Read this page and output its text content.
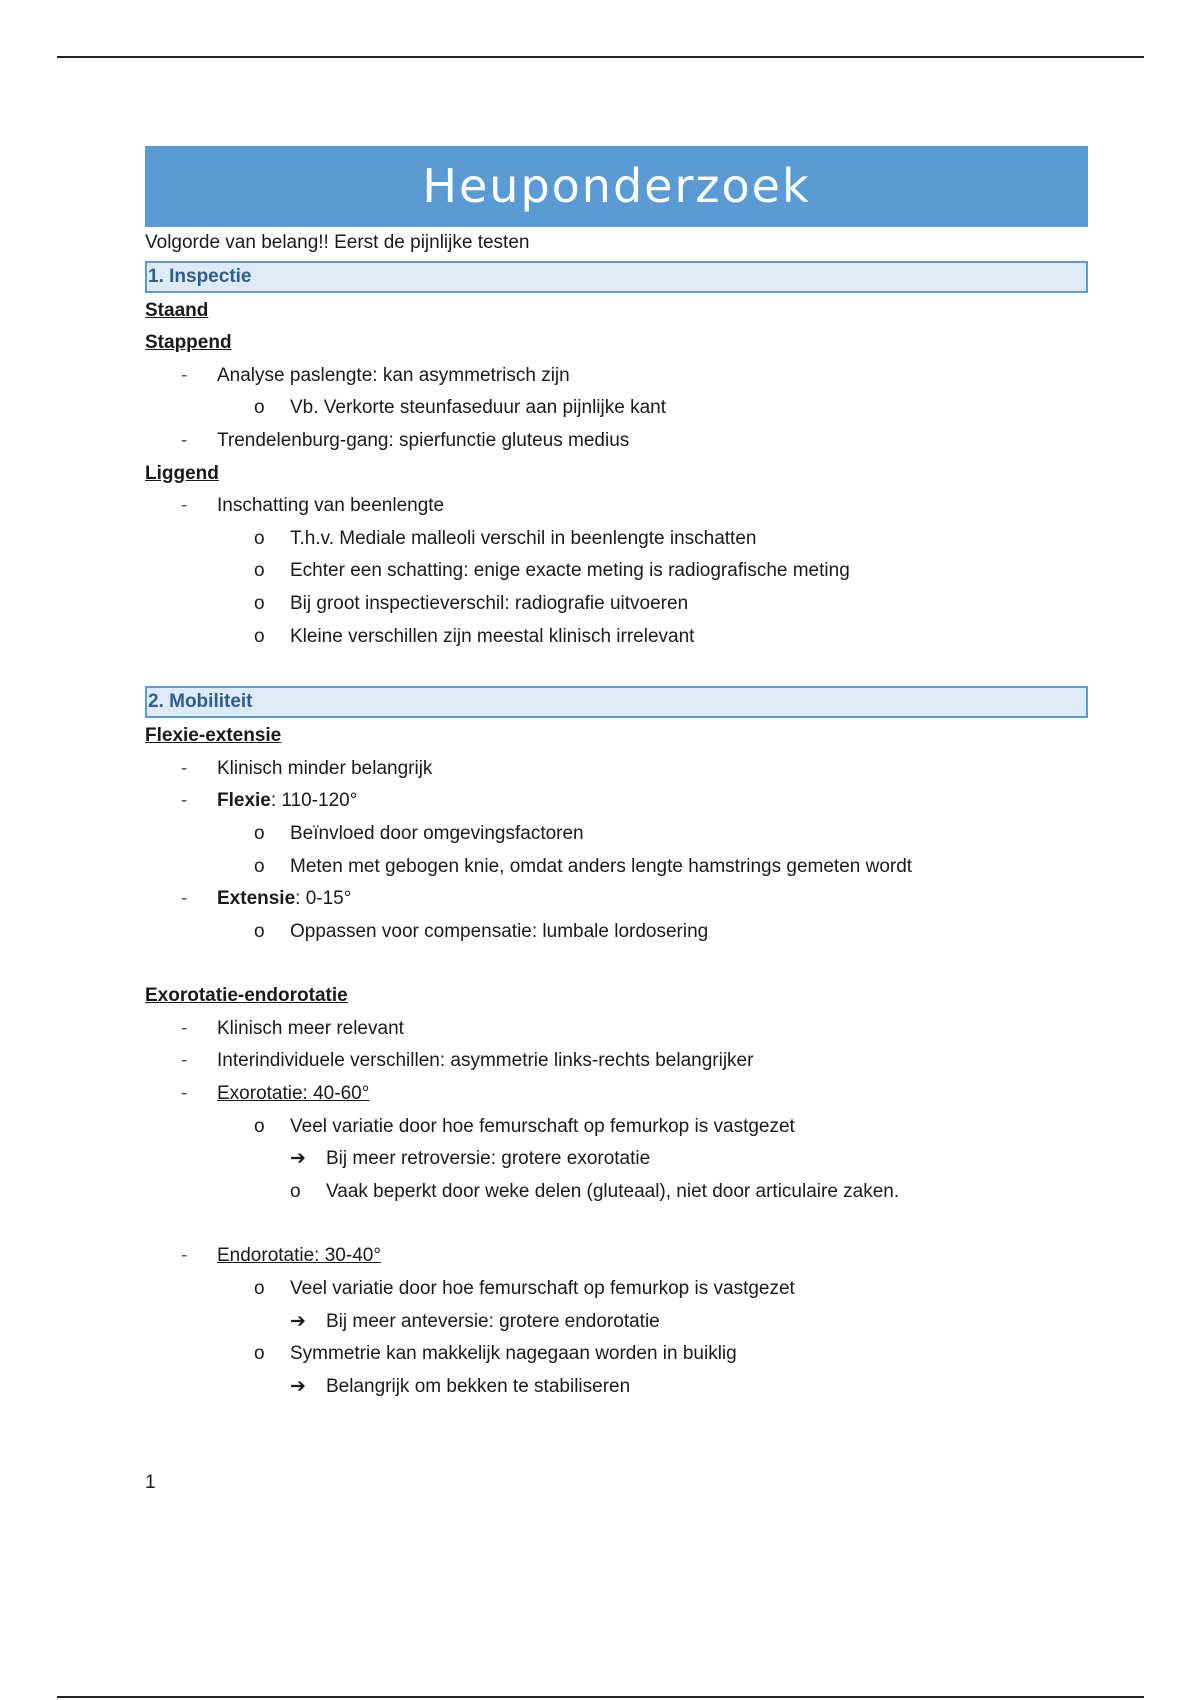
Heuponderzoek
Volgorde van belang!! Eerst de pijnlijke testen
1. Inspectie
Staand
Stappend
- Analyse paslengte: kan asymmetrisch zijn
o Vb. Verkorte steunfaseduur aan pijnlijke kant
- Trendelenburg-gang: spierfunctie gluteus medius
Liggend
- Inschatting van beenlengte
o T.h.v. Mediale malleoli verschil in beenlengte inschatten
o Echter een schatting: enige exacte meting is radiografische meting
o Bij groot inspectieverschil: radiografie uitvoeren
o Kleine verschillen zijn meestal klinisch irrelevant
2. Mobiliteit
Flexie-extensie
- Klinisch minder belangrijk
- Flexie: 110-120°
o Beïnvloed door omgevingsfactoren
o Meten met gebogen knie, omdat anders lengte hamstrings gemeten wordt
- Extensie: 0-15°
o Oppassen voor compensatie: lumbale lordosering
Exorotatie-endorotatie
- Klinisch meer relevant
- Interindividuele verschillen: asymmetrie links-rechts belangrijker
- Exorotatie: 40-60°
o Veel variatie door hoe femurschaft op femurkop is vastgezet
➔ Bij meer retroversie: grotere exorotatie
o Vaak beperkt door weke delen (gluteaal), niet door articulaire zaken.
- Endorotatie: 30-40°
o Veel variatie door hoe femurschaft op femurkop is vastgezet
➔ Bij meer anteversie: grotere endorotatie
o Symmetrie kan makkelijk nagegaan worden in buiklig
➔ Belangrijk om bekken te stabiliseren
1
